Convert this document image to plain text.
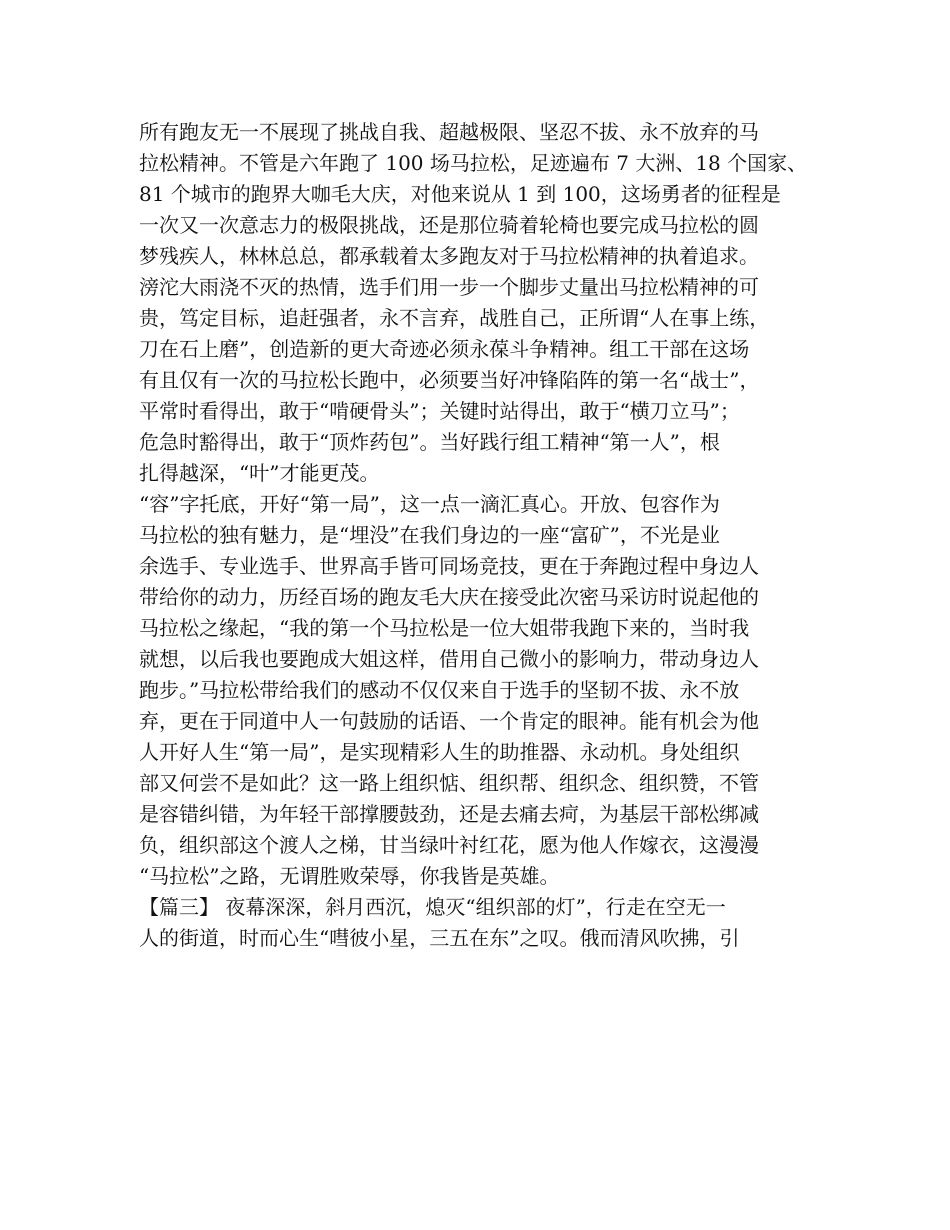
所有跑友无一不展现了挑战自我、超越极限、坚忍不拔、永不放弃的马
拉松精神。不管是六年跑了 100 场马拉松，足迹遍布 7 大洲、18 个国家、
81 个城市的跑界大咖毛大庆，对他来说从 1 到 100，这场勇者的征程是
一次又一次意志力的极限挑战，还是那位骑着轮椅也要完成马拉松的圆
梦残疾人，林林总总，都承载着太多跑友对于马拉松精神的执着追求。
滂沱大雨浇不灭的热情，选手们用一步一个脚步丈量出马拉松精神的可
贵，笃定目标，追赶强者，永不言弃，战胜自己，正所谓“人在事上练，
刀在石上磨”，创造新的更大奇迹必须永葆斗争精神。组工干部在这场
有且仅有一次的马拉松长跑中，必须要当好冲锋陷阵的第一名“战士”，
平常时看得出，敢于“啃硬骨头”；关键时站得出，敢于“横刀立马”；
危急时豁得出，敢于“顶炸药包”。当好践行组工精神“第一人”，根
扎得越深，“叶”才能更茂。
“容”字托底，开好“第一局”，这一点一滴汇真心。开放、包容作为
马拉松的独有魅力，是“埋没”在我们身边的一座“富矿”，不光是业
余选手、专业选手、世界高手皆可同场竞技，更在于奔跑过程中身边人
带给你的动力，历经百场的跑友毛大庆在接受此次密马采访时说起他的
马拉松之缘起，“我的第一个马拉松是一位大姐带我跑下来的，当时我
就想，以后我也要跑成大姐这样，借用自己微小的影响力，带动身边人
跑步。”马拉松带给我们的感动不仅仅来自于选手的坚韧不拔、永不放
弃，更在于同道中人一句鼓励的话语、一个肯定的眼神。能有机会为他
人开好人生“第一局”，是实现精彩人生的助推器、永动机。身处组织
部又何尝不是如此？这一路上组织惦、组织帮、组织念、组织赞，不管
是容错纠错，为年轻干部撑腰鼓劲，还是去痛去疴，为基层干部松绑减
负，组织部这个渡人之梯，甘当绿叶衬红花，愿为他人作嫁衣，这漫漫
“马拉松”之路，无谓胜败荣辱，你我皆是英雄。
【篇三】 夜幕深深，斜月西沉，熄灭“组织部的灯”，行走在空无一
人的街道，时而心生“嘒彼小星，三五在东”之叹。俄而清风吹拂，引
